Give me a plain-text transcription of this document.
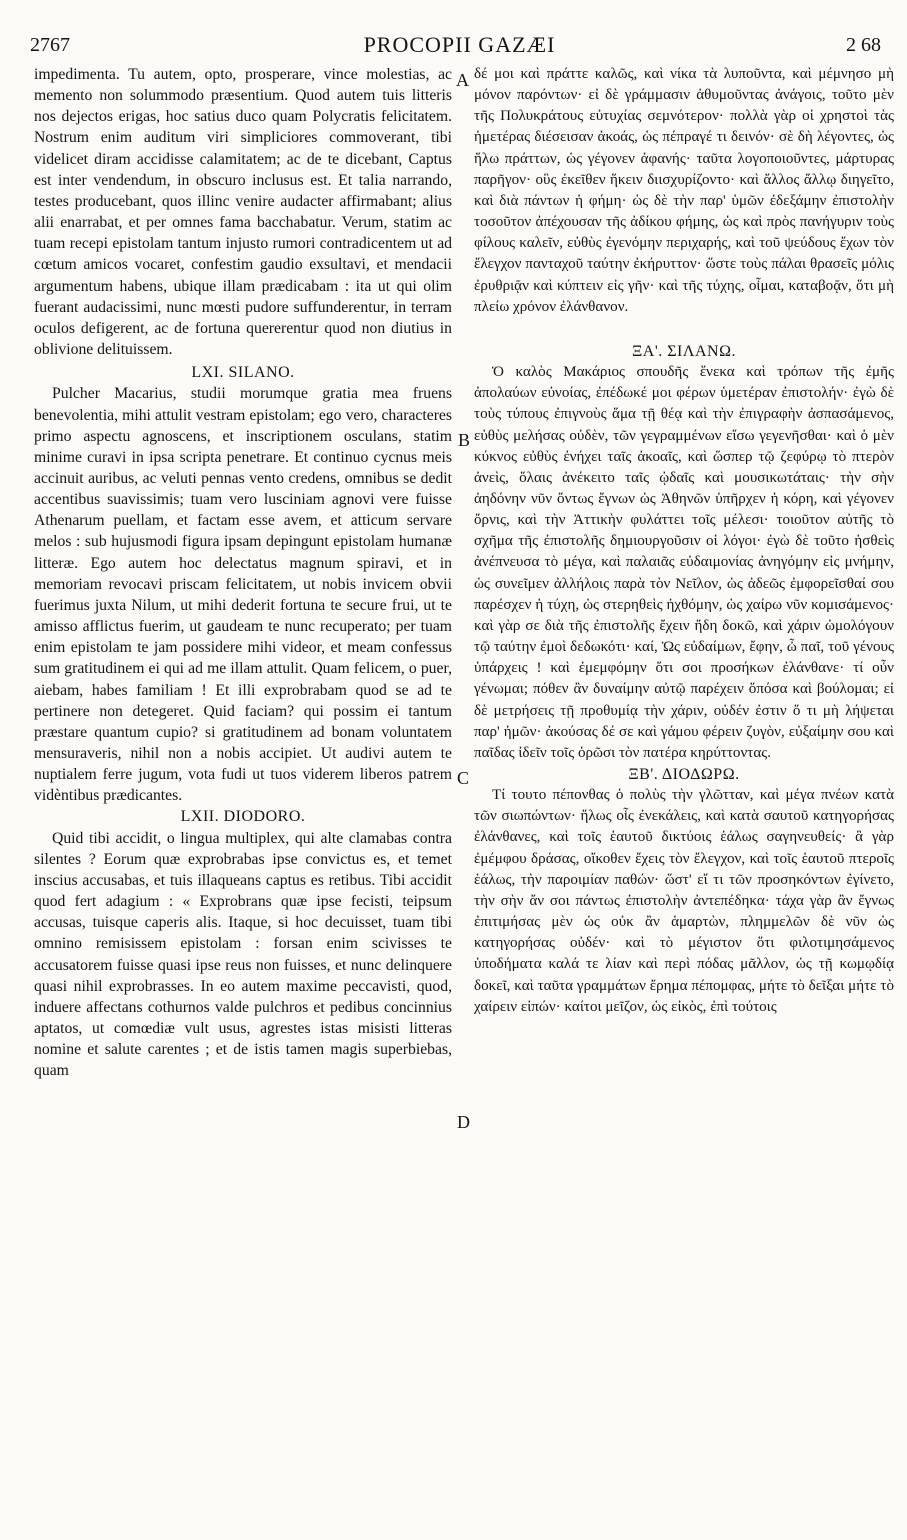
2767	PROCOPII GAZÆI	2 68

impedimenta. Tu autem, opto, prosperare, vince molestias, ac memento non solummodo præsentium. Quod autem tuis litteris nos dejectos erigas, hoc satius duco quam Polycratis felicitatem. Nostrum enim auditum viri simpliciores commoverant, tibi videlicet diram accidisse calamitatem; ac de te dicebant, Captus est inter vendendum, in obscuro inclusus est. Et talia narrando, testes producebant, quos illinc venire audacter affirmabant; alius alii enarrabat, et per omnes fama bacchabatur. Verum, statim ac tuam recepi epistolam tantum injusto rumori contradicentem ut ad cœtum amicos vocaret, confestim gaudio exsultavi, et mendacii argumentum habens, ubique illam prædicabam : ita ut qui olim fuerant audacissimi, nunc mœsti pudore suffunderentur, in terram oculos defigerent, ac de fortuna quererentur quod non diutius in oblivione delituissem.

LXI. SILANO.

Pulcher Macarius, studii morumque gratia mea fruens benevolentia, mihi attulit vestram epistolam; ego vero, characteres primo aspectu agnoscens, et inscriptionem osculans, statim minime curavi in ipsa scripta penetrare. Et continuo cycnus meis accinuit auribus, ac veluti pennas vento credens, omnibus se dedit accentibus suavissimis; tuam vero lusciniam agnovi vere fuisse Athenarum puellam, et factam esse avem, et atticum servare melos : sub hujusmodi figura ipsam depingunt epistolam humanæ litteræ. Ego autem hoc delectatus magnum spiravi, et in memoriam revocavi priscam felicitatem, ut nobis invicem obvii fuerimus juxta Nilum, ut mihi dederit fortuna te secure frui, ut te amisso afflictus fuerim, ut gaudeam te nunc recuperato; per tuam enim epistolam te jam possidere mihi videor, et meam confessus sum gratitudinem ei qui ad me illam attulit. Quam felicem, o puer, aiebam, habes familiam ! Et illi exprobrabam quod se ad te pertinere non detegeret. Quid faciam? qui possim ei tantum præstare quantum cupio? si gratitudinem ad bonam voluntatem mensuraveris, nihil non a nobis accipiet. Ut audivi autem te nuptialem ferre jugum, vota fudi ut tuos viderem liberos patrem vidèntibus prædicantes.

LXII. DIODORO.

Quid tibi accidit, o lingua multiplex, qui alte clamabas contra silentes ? Eorum quæ exprobrabas ipse convictus es, et temet inscius accusabas, et tuis illaqueans captus es retibus. Tibi accidit quod fert adagium : « Exprobrans quæ ipse fecisti, teipsum accusas, tuisque caperis alis. Itaque, si hoc decuisset, tuam tibi omnino remisissem epistolam : forsan enim scivisses te accusatorem fuisse quasi ipse reus non fuisses, et nunc delinquere quasi nihil exprobrasses. In eo autem maxime peccavisti, quod, induere affectans cothurnos valde pulchros et pedibus concinnius aptatos, ut comœdiæ vult usus, agrestes istas misisti litteras nomine et salute carentes ; et de istis tamen magis superbiebas, quam

δέ μοι καὶ πράττε καλῶς, καὶ νίκα τὰ λυποῦντα, καὶ μέμνησο μὴ μόνον παρόντων· εἰ δὲ γράμμασιν ἀθυμοῦντας ἀνάγοις, τοῦτο μὲν τῆς Πολυκράτους εὐτυχίας σεμνότερον· πολλὰ γὰρ οἱ χρηστοὶ τὰς ἡμετέρας διέσεισαν ἀκοάς, ὡς πέπραγέ τι δεινόν· σὲ δὴ λέγοντες, ὡς ἥλω πράττων, ὡς γέγονεν ἀφανής· ταῦτα λογοποιοῦντες, μάρτυρας παρῆγον· οὓς ἐκεῖθεν ἥκειν διισχυρίζοντο· καὶ ἄλλος ἄλλῳ διηγεῖτο, καὶ διὰ πάντων ἡ φήμη· ὡς δὲ τὴν παρ' ὑμῶν ἐδεξάμην ἐπιστολὴν τοσοῦτον ἀπέχουσαν τῆς ἀδίκου φήμης, ὡς καὶ πρὸς πανήγυριν τοὺς φίλους καλεῖν, εὐθὺς ἐγενόμην περιχαρής, καὶ τοῦ ψεύδους ἔχων τὸν ἔλεγχον πανταχοῦ ταύτην ἐκήρυττον· ὥστε τοὺς πάλαι θρασεῖς μόλις ἐρυθριᾷν καὶ κύπτειν εἰς γῆν· καὶ τῆς τύχης, οἶμαι, καταβοᾷν, ὅτι μὴ πλείω χρόνον ἐλάνθανον.

ΞΑ'. ΣΙΛΑΝΩ.

Ὁ καλὸς Μακάριος σπουδῆς ἕνεκα καὶ τρόπων τῆς ἐμῆς ἀπολαύων εὐνοίας, ἐπέδωκέ μοι φέρων ὑμετέραν ἐπιστολήν· ἐγὼ δὲ τοὺς τύπους ἐπιγνοὺς ἅμα τῇ θέᾳ καὶ τὴν ἐπιγραφὴν ἀσπασάμενος, εὐθὺς μελήσας οὐδὲν, τῶν γεγραμμένων εἴσω γεγενῆσθαι· καὶ ὁ μὲν κύκνος εὐθὺς ἐνήχει ταῖς ἀκοαῖς, καὶ ὥσπερ τῷ ζεφύρῳ τὸ πτερὸν ἀνεὶς, ὅλαις ἀνέκειτο ταῖς ᾠδαῖς καὶ μουσικωτάταις· τὴν σὴν ἀηδόνην νῦν ὄντως ἔγνων ὡς Ἀθηνῶν ὑπῆρχεν ἡ κόρη, καὶ γέγονεν ὄρνις, καὶ τὴν Ἀττικὴν φυλάττει τοῖς μέλεσι· τοιοῦτον αὐτῆς τὸ σχῆμα τῆς ἐπιστολῆς δημιουργοῦσιν οἱ λόγοι· ἐγὼ δὲ τοῦτο ἡσθεὶς ἀνέπνευσα τὸ μέγα, καὶ παλαιᾶς εὐδαιμονίας ἀνηγόμην εἰς μνήμην, ὡς συνεῖμεν ἀλλήλοις παρὰ τὸν Νεῖλον, ὡς ἀδεῶς ἐμφορεῖσθαί σου παρέσχεν ἡ τύχη, ὡς στερηθεὶς ἠχθόμην, ὡς χαίρω νῦν κομισάμενος· καὶ γὰρ σε διὰ τῆς ἐπιστολῆς ἔχειν ἤδη δοκῶ, καὶ χάριν ὡμολόγουν τῷ ταύτην ἐμοὶ δεδωκότι· καί, Ὡς εὐδαίμων, ἔφην, ὦ παῖ, τοῦ γένους ὑπάρχεις ! καὶ ἐμεμφόμην ὅτι σοι προσήκων ἐλάνθανε· τί οὖν γένωμαι; πόθεν ἂν δυναίμην αὐτῷ παρέχειν ὅπόσα καὶ βούλομαι; εἰ δὲ μετρήσεις τῇ προθυμίᾳ τὴν χάριν, οὐδέν ἐστιν ὅ τι μὴ λήψεται παρ' ἡμῶν· ἀκούσας δέ σε καὶ γάμου φέρειν ζυγὸν, εὐξαίμην σου καὶ παῖδας ἰδεῖν τοῖς ὁρῶσι τὸν πατέρα κηρύττοντας.

ΞΒ'. ΔΙΟΔΩΡΩ.

Τί τουτο πέπονθας ὁ πολὺς τὴν γλῶτταν, καὶ μέγα πνέων κατὰ τῶν σιωπώντων· ἥλως οἷς ἐνεκάλεις, καὶ κατὰ σαυτοῦ κατηγορήσας ἐλάνθανες, καὶ τοῖς ἑαυτοῦ δικτύοις ἑάλως σαγηνευθείς· ἃ γὰρ ἐμέμφου δράσας, οἴκοθεν ἔχεις τὸν ἔλεγχον, καὶ τοῖς ἑαυτοῦ πτεροῖς ἑάλως, τὴν παροιμίαν παθών· ὥστ' εἴ τι τῶν προσηκόντων ἐγίνετο, τὴν σὴν ἄν σοι πάντως ἐπιστολὴν ἀντεπέδηκα· τάχα γὰρ ἂν ἔγνως ἐπιτιμήσας μὲν ὡς οὐκ ἂν ἁμαρτὼν, πλημμελῶν δὲ νῦν ὡς κατηγορήσας οὐδέν· καὶ τὸ μέγιστον ὅτι φιλοτιμησάμενος ὑποδήματα καλά τε λίαν καὶ περὶ πόδας μᾶλλον, ὡς τῇ κωμῳδίᾳ δοκεῖ, καὶ ταῦτα γραμμάτων ἔρημα πέπομφας, μήτε τὸ δεῖξαι μήτε τὸ χαίρειν εἰπών· καίτοι μεῖζον, ὡς εἰκὸς, ἐπὶ τούτοις

A
B
C
D
